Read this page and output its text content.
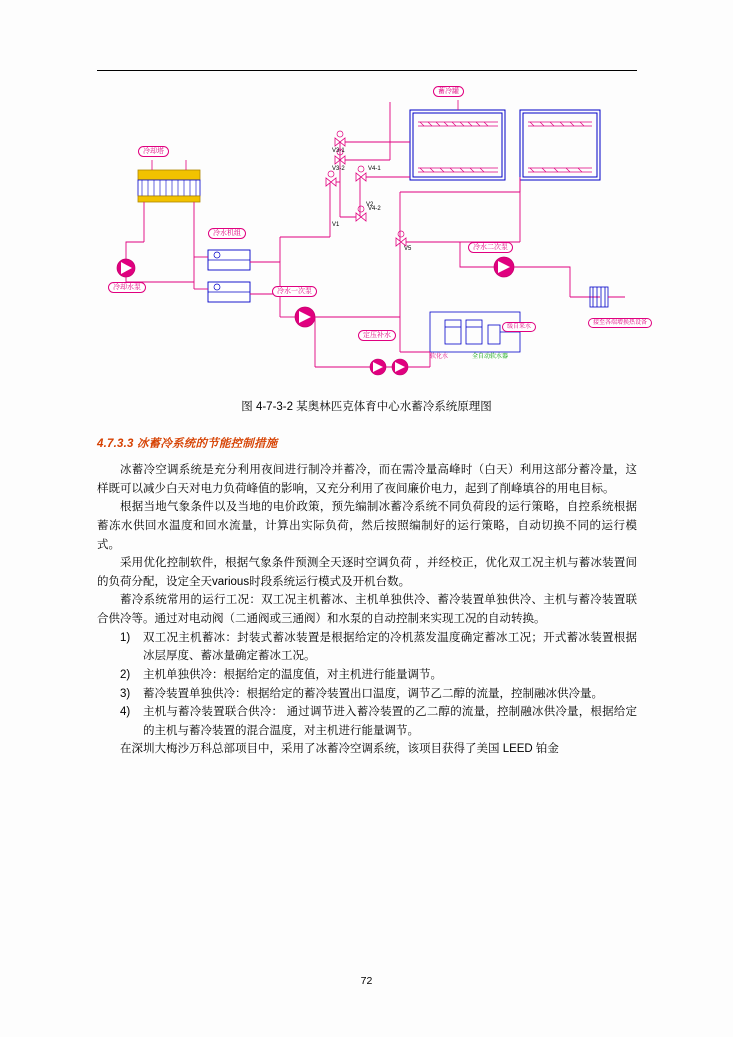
蓄冷罐
冷却塔
冷水机组
冷却水泵
冷水一次泵
冷水二次泵
定压补水
软化水	全自动软水器
缓自来水
接至各端增换热设备
V1
V2
V3-1
V3-2	V4-1
V4-2
V5
图 4-7-3-2 某奥林匹克体育中心水蓄冷系统原理图
4.7.3.3 冰蓄冷系统的节能控制措施

冰蓄冷空调系统是充分利用夜间进行制冷并蓄冷，而在需冷量高峰时（白天）利用这部分蓄冷量，这样既可以减少白天对电力负荷峰值的影响，又充分利用了夜间廉价电力，起到了削峰填谷的用电目标。

根据当地气象条件以及当地的电价政策，预先编制冰蓄冷系统不同负荷段的运行策略，自控系统根据蓄冻水供回水温度和回水流量，计算出实际负荷，然后按照编制好的运行策略，自动切换不同的运行模式。

采用优化控制软件，根据气象条件预测全天逐时空调负荷 ，并经校正，优化双工况主机与蓄冰装置间的负荷分配，设定全天various时段系统运行模式及开机台数。

蓄冷系统常用的运行工况：双工况主机蓄冰、主机单独供冷、蓄冷装置单独供冷、主机与蓄冷装置联合供冷等。通过对电动阀（二通阀或三通阀）和水泵的自动控制来实现工况的自动转换。

1) 双工况主机蓄冰：封装式蓄冰装置是根据给定的冷机蒸发温度确定蓄冰工况；开式蓄冰装置根据冰层厚度、蓄冰量确定蓄冰工况。
2) 主机单独供冷：根据给定的温度值，对主机进行能量调节。
3) 蓄冷装置单独供冷：根据给定的蓄冷装置出口温度，调节乙二醇的流量，控制融冰供冷量。
4) 主机与蓄冷装置联合供冷： 通过调节进入蓄冷装置的乙二醇的流量，控制融冰供冷量，根据给定的主机与蓄冷装置的混合温度，对主机进行能量调节。

在深圳大梅沙万科总部项目中，采用了冰蓄冷空调系统，该项目获得了美国 LEED 铂金

72
